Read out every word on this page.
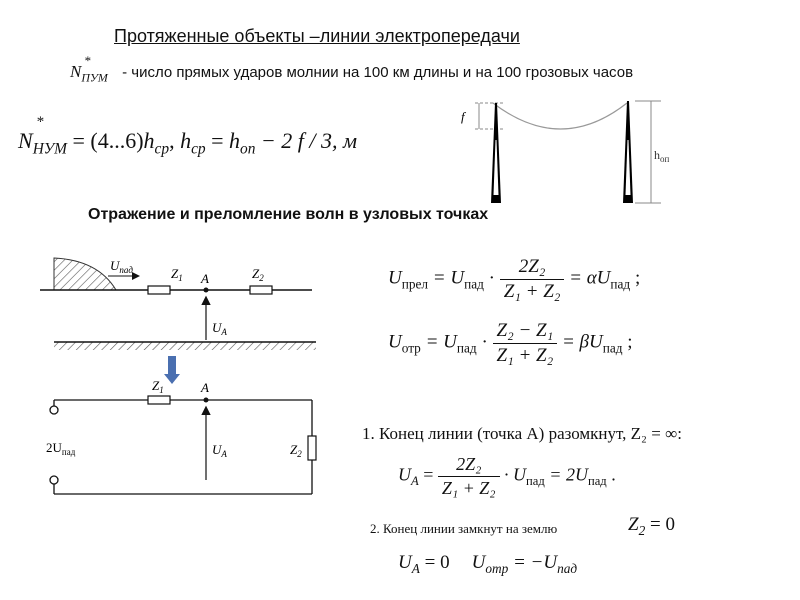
Протяженные объекты –линии электропередачи
N
*
$_{ПУМ}$ - число прямых ударов молнии на 100 км длины и на 100 грозовых часов
N
*
$_{НУМ} = (4...6)h_{ср}$, $h_{ср} = h_{оп} - 2$ f / 3, м
f
$h_{оп}$
Отражение и преломление волн в узловых точках
$U_{пад}$	$Z_1$ A	$Z_2$
$U_A$
$Z_1$	A
$Z_2$
$2U_{пад}$	$U_A$
$U_{прел} = U_{пад} \cdot \frac{\text{2Z₂}}{\text{Z₁ + Z₂}} = \alpha U_{пад}$ ;
$U_{отр} = U_{пад} \cdot \frac{\text{Z₂ − Z₁}}{\text{Z₁ + Z₂}} = \beta U_{пад}$ ;
1. Конец линии (точка A) разомкнут, Z₂ = ∞:
$U_A = \frac{\text{2Z₂}}{\text{Z₁ + Z₂}} \cdot U_{пад} = 2U_{пад}$ .
2. Конец линии замкнут на землю	$Z_2 = 0$
$U_A = 0$ $U_{отр} = -U_{пад}$
